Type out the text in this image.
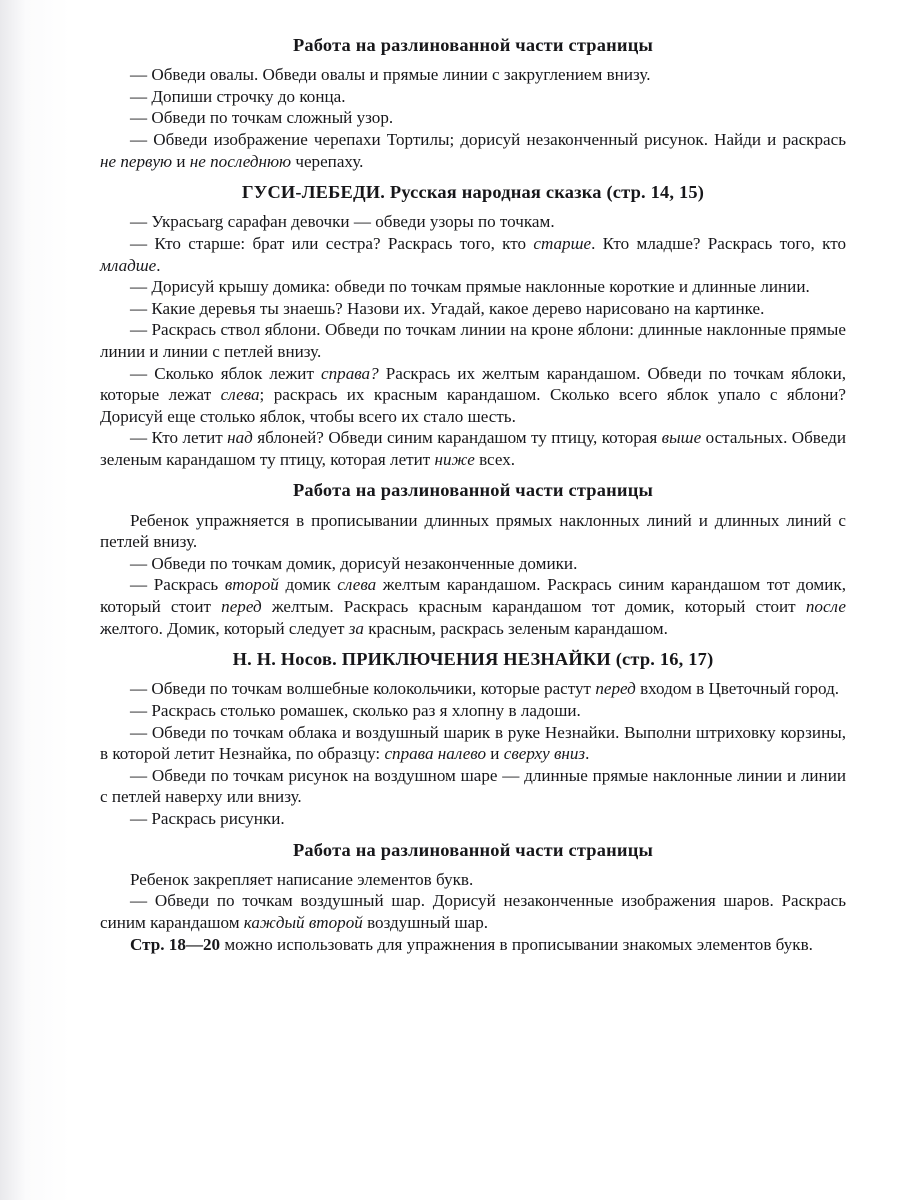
Работа на разлинованной части страницы

— Обведи овалы. Обведи овалы и прямые линии с закруглением внизу.

— Допиши строчку до конца.

— Обведи по точкам сложный узор.

— Обведи изображение черепахи Тортилы; дорисуй незаконченный рисунок. Найди и раскрась не первую и не последнюю черепаху.

ГУСИ-ЛЕБЕДИ. Русская народная сказка (стр. 14, 15)

— Украсьarg сарафан девочки — обведи узоры по точкам.

— Кто старше: брат или сестра? Раскрась того, кто старше. Кто младше? Раскрась того, кто младше.

— Дорисуй крышу домика: обведи по точкам прямые наклонные короткие и длинные линии.

— Какие деревья ты знаешь? Назови их. Угадай, какое дерево нарисовано на картинке.

— Раскрась ствол яблони. Обведи по точкам линии на кроне яблони: длинные наклонные прямые линии и линии с петлей внизу.

— Сколько яблок лежит справа? Раскрась их желтым карандашом. Обведи по точкам яблоки, которые лежат слева; раскрась их красным карандашом. Сколько всего яблок упало с яблони? Дорисуй еще столько яблок, чтобы всего их стало шесть.

— Кто летит над яблоней? Обведи синим карандашом ту птицу, которая выше остальных. Обведи зеленым карандашом ту птицу, которая летит ниже всех.

Работа на разлинованной части страницы

Ребенок упражняется в прописывании длинных прямых наклонных линий и длинных линий с петлей внизу.

— Обведи по точкам домик, дорисуй незаконченные домики.

— Раскрась второй домик слева желтым карандашом. Раскрась синим карандашом тот домик, который стоит перед желтым. Раскрась красным карандашом тот домик, который стоит после желтого. Домик, который следует за красным, раскрась зеленым карандашом.

Н. Н. Носов. ПРИКЛЮЧЕНИЯ НЕЗНАЙКИ (стр. 16, 17)

— Обведи по точкам волшебные колокольчики, которые растут перед входом в Цветочный город.

— Раскрась столько ромашек, сколько раз я хлопну в ладоши.

— Обведи по точкам облака и воздушный шарик в руке Незнайки. Выполни штриховку корзины, в которой летит Незнайка, по образцу: справа налево и сверху вниз.

— Обведи по точкам рисунок на воздушном шаре — длинные прямые наклонные линии и линии с петлей наверху или внизу.

— Раскрась рисунки.

Работа на разлинованной части страницы

Ребенок закрепляет написание элементов букв.

— Обведи по точкам воздушный шар. Дорисуй незаконченные изображения шаров. Раскрась синим карандашом каждый второй воздушный шар.

Стр. 18—20 можно использовать для упражнения в прописывании знакомых элементов букв.
